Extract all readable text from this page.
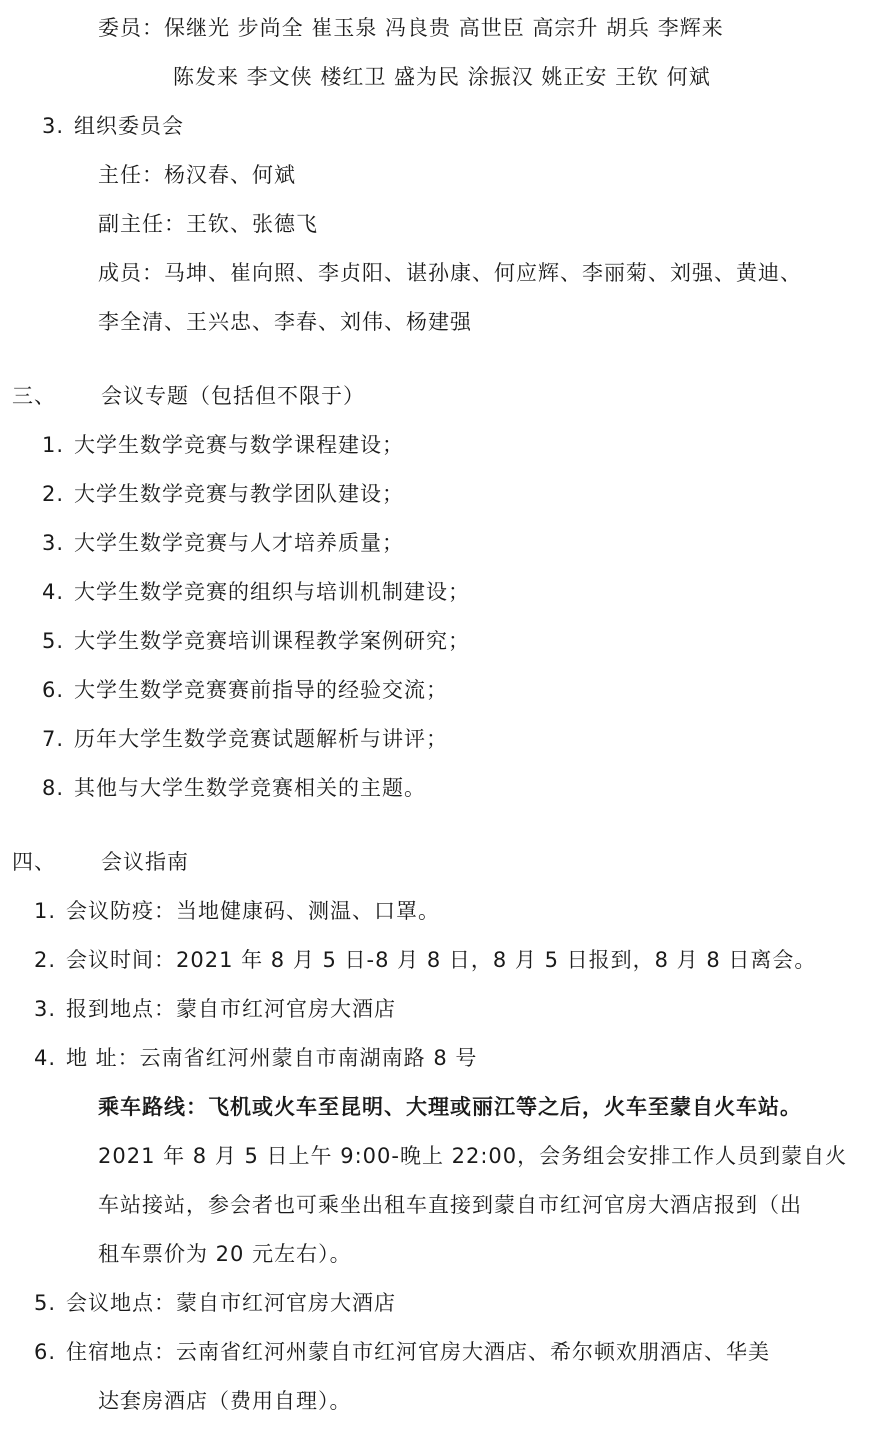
委员：保继光 步尚全 崔玉泉 冯良贵 高世臣 高宗升 胡兵 李辉来
陈发来 李文侠 楼红卫 盛为民 涂振汉 姚正安 王钦 何斌
3. 组织委员会
主任：杨汉春、何斌
副主任：王钦、张德飞
成员：马坤、崔向照、李贞阳、谌孙康、何应辉、李丽菊、刘强、黄迪、
李全清、王兴忠、李春、刘伟、杨建强
三、 会议专题（包括但不限于）
1. 大学生数学竞赛与数学课程建设；
2. 大学生数学竞赛与教学团队建设；
3. 大学生数学竞赛与人才培养质量；
4. 大学生数学竞赛的组织与培训机制建设；
5. 大学生数学竞赛培训课程教学案例研究；
6. 大学生数学竞赛赛前指导的经验交流；
7. 历年大学生数学竞赛试题解析与讲评；
8. 其他与大学生数学竞赛相关的主题。
四、 会议指南
1. 会议防疫：当地健康码、测温、口罩。
2. 会议时间：2021 年 8 月 5 日-8 月 8 日，8 月 5 日报到，8 月 8 日离会。
3. 报到地点：蒙自市红河官房大酒店
4. 地 址：云南省红河州蒙自市南湖南路 8 号
乘车路线：飞机或火车至昆明、大理或丽江等之后，火车至蒙自火车站。
2021 年 8 月 5 日上午 9:00-晚上 22:00，会务组会安排工作人员到蒙自火
车站接站，参会者也可乘坐出租车直接到蒙自市红河官房大酒店报到（出
租车票价为 20 元左右）。
5. 会议地点：蒙自市红河官房大酒店
6. 住宿地点：云南省红河州蒙自市红河官房大酒店、希尔顿欢朋酒店、华美
达套房酒店（费用自理）。
